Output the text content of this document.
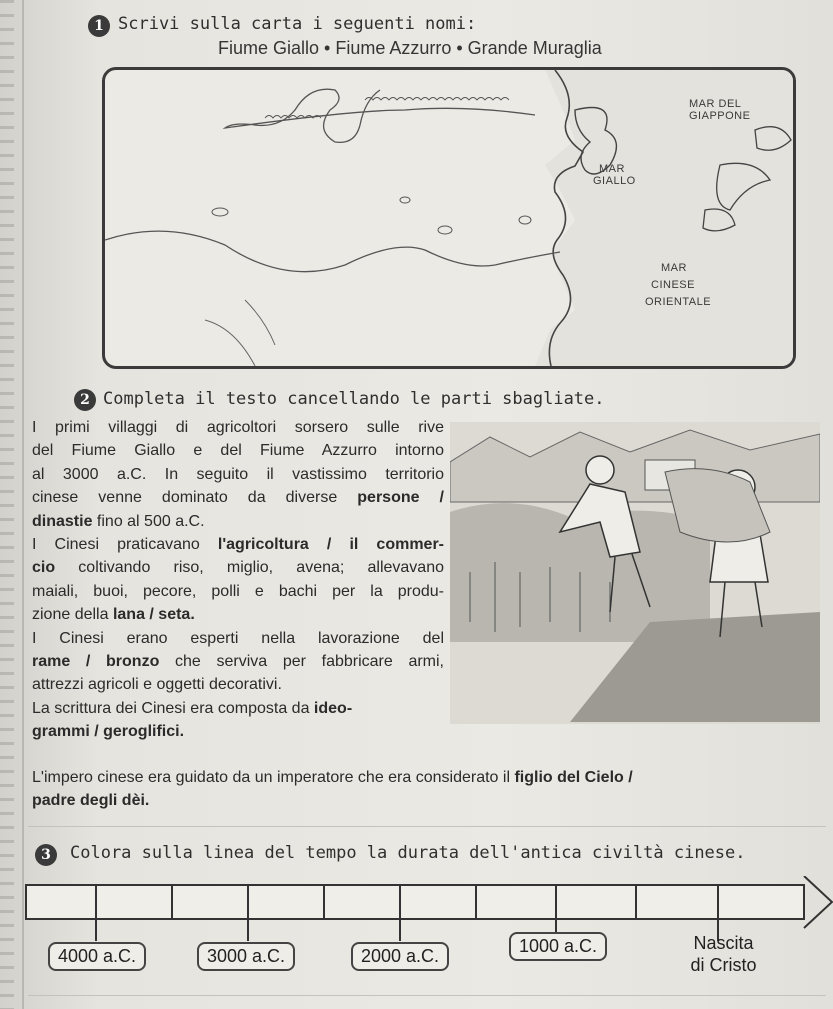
1 Scrivi sulla carta i seguenti nomi:
Fiume Giallo • Fiume Azzurro • Grande Muraglia
MAR DEL
GIAPPONE
MAR
GIALLO
MAR
CINESE
ORIENTALE
2 Completa il testo cancellando le parti sbagliate.

I primi villaggi di agricoltori sorsero sulle rive

del Fiume Giallo e del Fiume Azzurro intorno

al 3000 a.C. In seguito il vastissimo territorio

cinese venne dominato da diverse persone /

dinastie fino al 500 a.C.

I Cinesi praticavano l'agricoltura / il commer-

cio coltivando riso, miglio, avena; allevavano

maiali, buoi, pecore, polli e bachi per la produ-

zione della lana / seta.

I Cinesi erano esperti nella lavorazione del

rame / bronzo che serviva per fabbricare armi,

attrezzi agricoli e oggetti decorativi.

La scrittura dei Cinesi era composta da ideo-

grammi / geroglifici.

L'impero cinese era guidato da un imperatore che era considerato il figlio del Cielo /

padre degli dèi.

3	Colora sulla linea del tempo la durata dell'antica civiltà cinese.
4000 a.C.	3000 a.C.	2000 a.C.	1000 a.C.	Nascita
di Cristo
